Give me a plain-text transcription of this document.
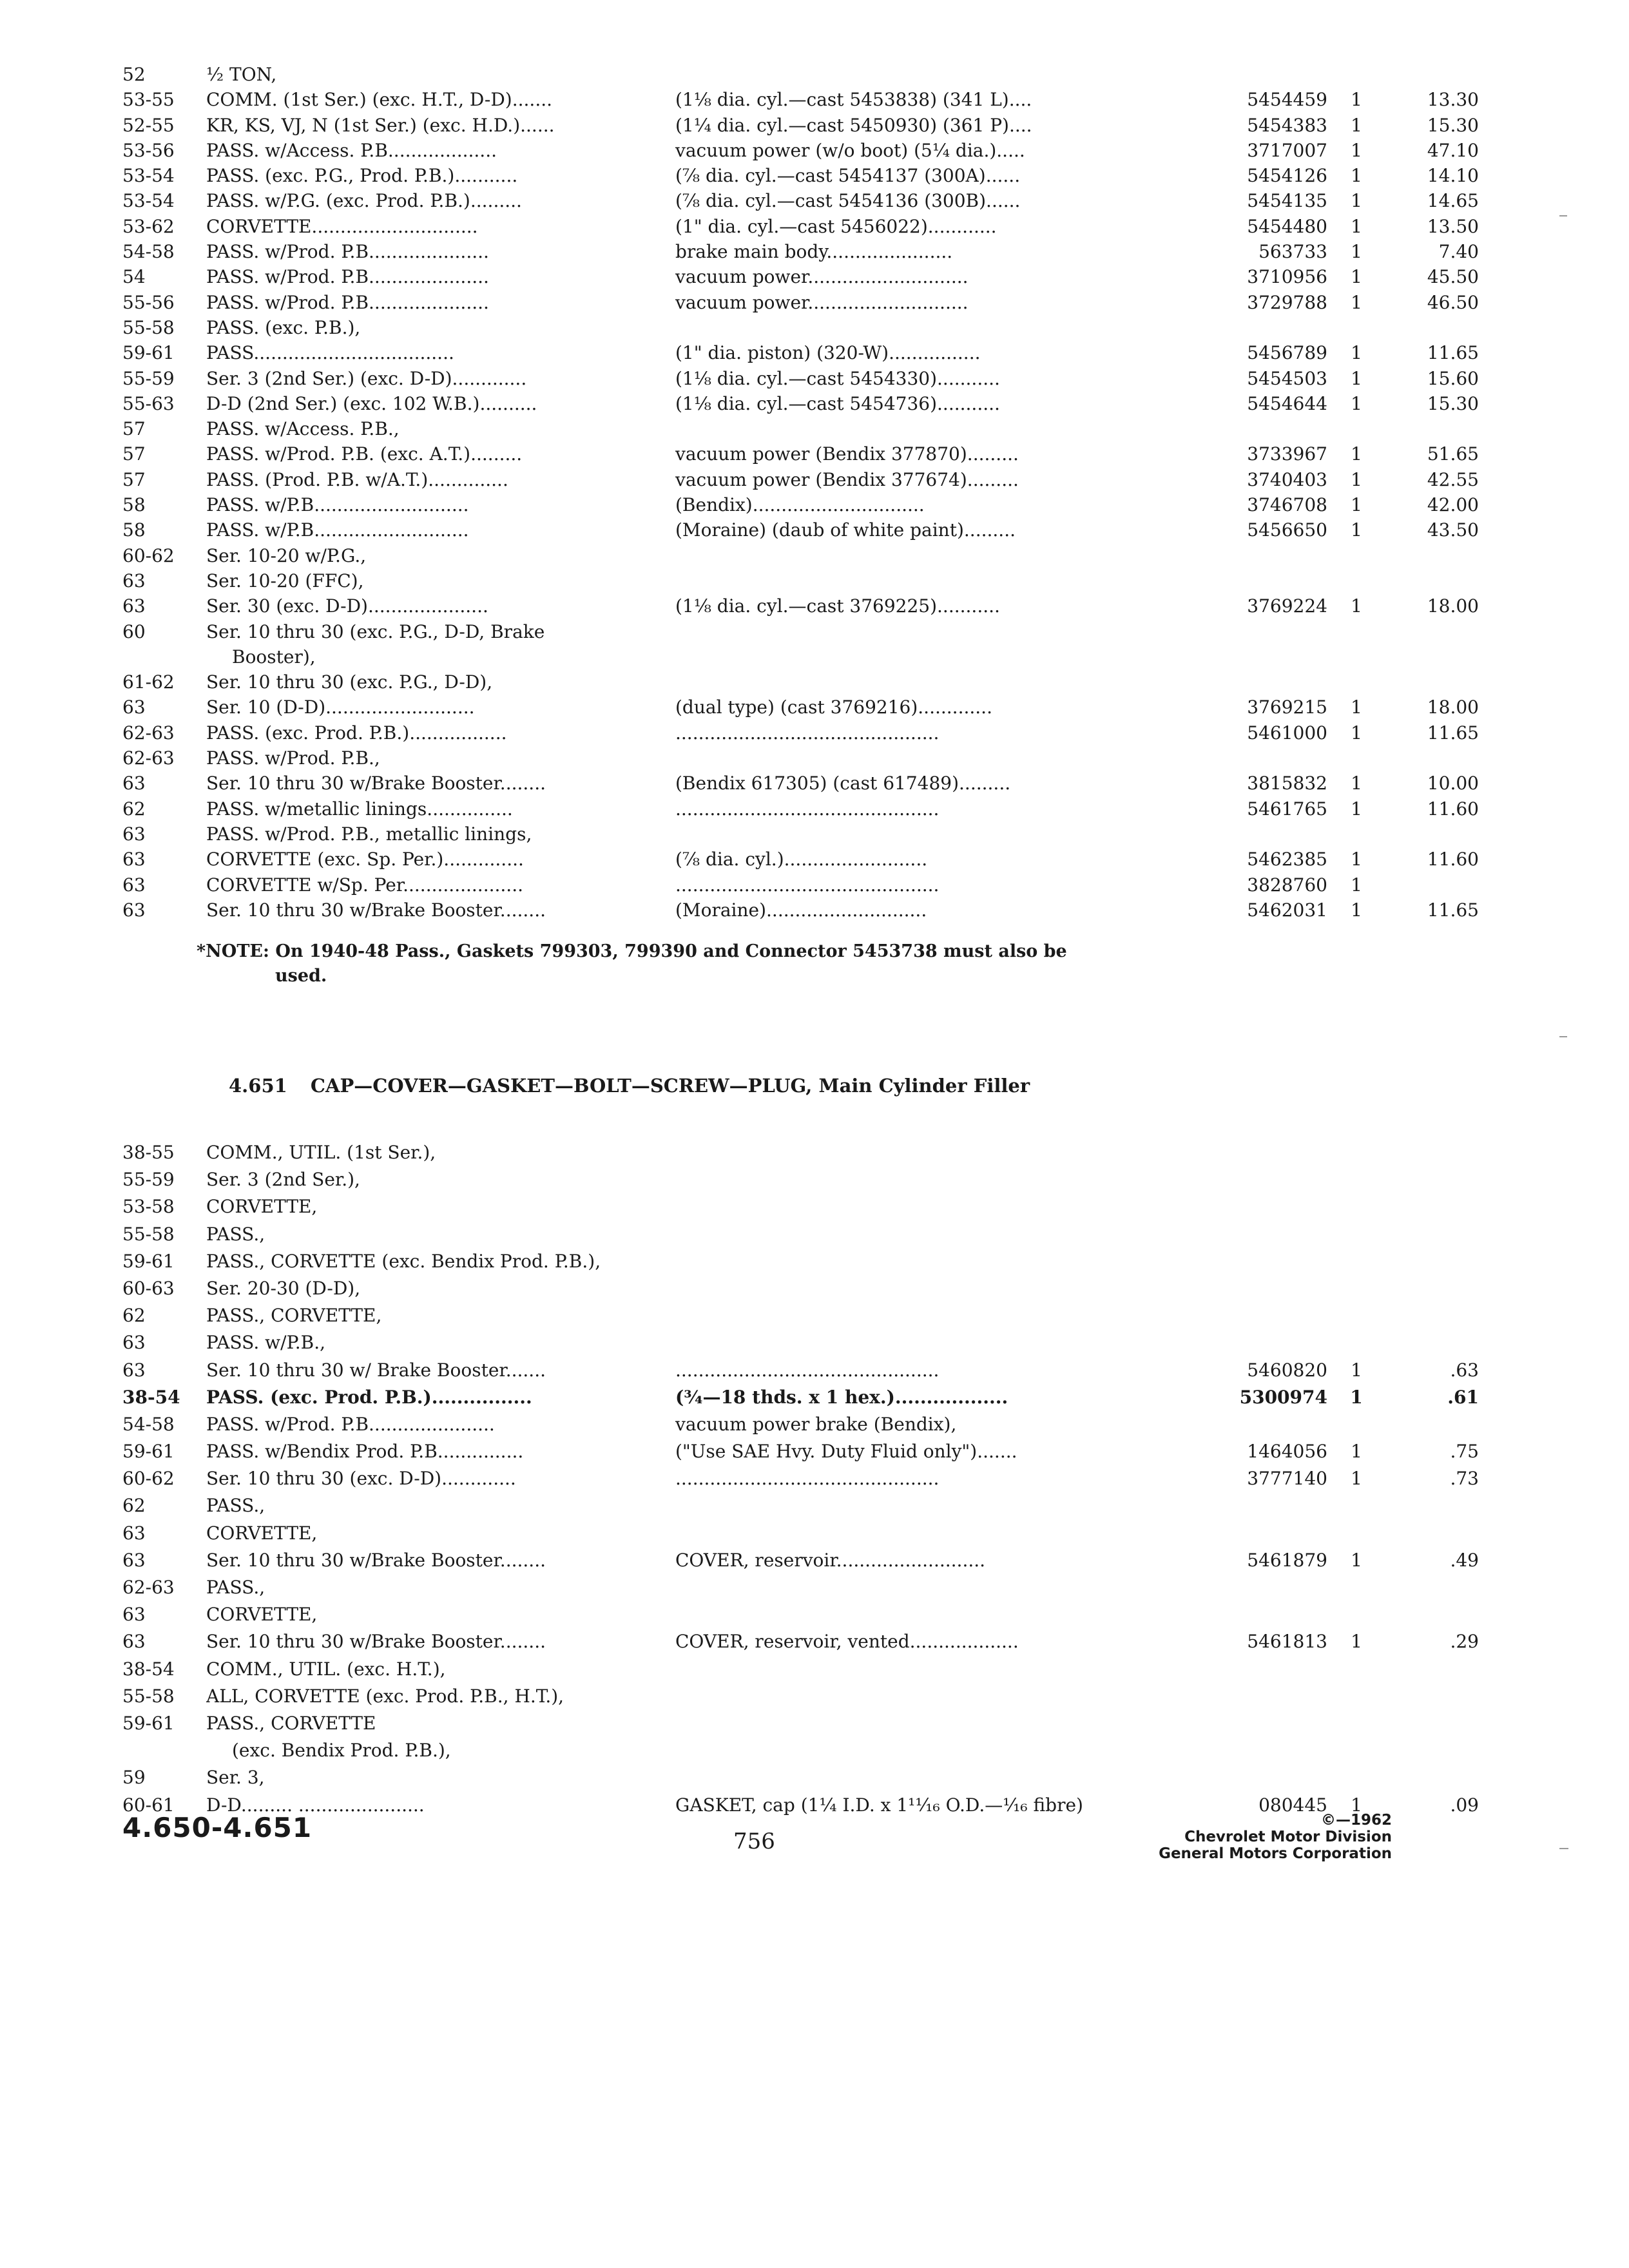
52	½ TON,
53-55	COMM. (1st Ser.) (exc. H.T., D-D).......	(1⅛ dia. cyl.—cast 5453838) (341 L)....	5454459	1	13.30
52-55	KR, KS, VJ, N (1st Ser.) (exc. H.D.)......	(1¼ dia. cyl.—cast 5450930) (361 P)....	5454383	1	15.30
53-56	PASS. w/Access. P.B...................	vacuum power (w/o boot) (5¼ dia.).....	3717007	1	47.10
53-54	PASS. (exc. P.G., Prod. P.B.)...........	(⅞ dia. cyl.—cast 5454137 (300A)......	5454126	1	14.10
53-54	PASS. w/P.G. (exc. Prod. P.B.).........	(⅞ dia. cyl.—cast 5454136 (300B)......	5454135	1	14.65
53-62	CORVETTE.............................	(1" dia. cyl.—cast 5456022)............	5454480	1	13.50
54-58	PASS. w/Prod. P.B.....................	brake main body......................	563733	1	7.40
54	PASS. w/Prod. P.B.....................	vacuum power............................	3710956	1	45.50
55-56	PASS. w/Prod. P.B.....................	vacuum power............................	3729788	1	46.50
55-58	PASS. (exc. P.B.),
59-61	PASS...................................	(1" dia. piston) (320-W)................	5456789	1	11.65
55-59	Ser. 3 (2nd Ser.) (exc. D-D).............	(1⅛ dia. cyl.—cast 5454330)...........	5454503	1	15.60
55-63	D-D (2nd Ser.) (exc. 102 W.B.)..........	(1⅛ dia. cyl.—cast 5454736)...........	5454644	1	15.30
57	PASS. w/Access. P.B.,
57	PASS. w/Prod. P.B. (exc. A.T.).........	vacuum power (Bendix 377870).........	3733967	1	51.65
57	PASS. (Prod. P.B. w/A.T.)..............	vacuum power (Bendix 377674).........	3740403	1	42.55
58	PASS. w/P.B...........................	(Bendix)..............................	3746708	1	42.00
58	PASS. w/P.B...........................	(Moraine) (daub of white paint).........	5456650	1	43.50
60-62	Ser. 10-20 w/P.G.,
63	Ser. 10-20 (FFC),
63	Ser. 30 (exc. D-D).....................	(1⅛ dia. cyl.—cast 3769225)...........	3769224	1	18.00
60	Ser. 10 thru 30 (exc. P.G., D-D, Brake
Booster),
61-62	Ser. 10 thru 30 (exc. P.G., D-D),
63	Ser. 10 (D-D)..........................	(dual type) (cast 3769216).............	3769215	1	18.00
62-63	PASS. (exc. Prod. P.B.).................	..............................................	5461000	1	11.65
62-63	PASS. w/Prod. P.B.,
63	Ser. 10 thru 30 w/Brake Booster........	(Bendix 617305) (cast 617489).........	3815832	1	10.00
62	PASS. w/metallic linings...............	..............................................	5461765	1	11.60
63	PASS. w/Prod. P.B., metallic linings,
63	CORVETTE (exc. Sp. Per.)..............	(⅞ dia. cyl.).........................	5462385	1	11.60
63	CORVETTE w/Sp. Per.....................	..............................................	3828760	1
63	Ser. 10 thru 30 w/Brake Booster........	(Moraine)............................	5462031	1	11.65
*NOTE: On 1940-48 Pass., Gaskets 799303, 799390 and Connector 5453738 must also be
used.
4.651 CAP—COVER—GASKET—BOLT—SCREW—PLUG, Main Cylinder Filler
38-55	COMM., UTIL. (1st Ser.),
55-59	Ser. 3 (2nd Ser.),
53-58	CORVETTE,
55-58	PASS.,
59-61	PASS., CORVETTE (exc. Bendix Prod. P.B.),
60-63	Ser. 20-30 (D-D),
62	PASS., CORVETTE,
63	PASS. w/P.B.,
63	Ser. 10 thru 30 w/ Brake Booster.......	..............................................	5460820	1	.63
38-54	PASS. (exc. Prod. P.B.)................	(¾—18 thds. x 1 hex.)..................	5300974	1	.61
54-58	PASS. w/Prod. P.B......................	vacuum power brake (Bendix),
59-61	PASS. w/Bendix Prod. P.B...............	("Use SAE Hvy. Duty Fluid only").......	1464056	1	.75
60-62	Ser. 10 thru 30 (exc. D-D).............	..............................................	3777140	1	.73
62	PASS.,
63	CORVETTE,
63	Ser. 10 thru 30 w/Brake Booster........	COVER, reservoir..........................	5461879	1	.49
62-63	PASS.,
63	CORVETTE,
63	Ser. 10 thru 30 w/Brake Booster........	COVER, reservoir, vented...................	5461813	1	.29
38-54	COMM., UTIL. (exc. H.T.),
55-58	ALL, CORVETTE (exc. Prod. P.B., H.T.),
59-61	PASS., CORVETTE
(exc. Bendix Prod. P.B.),
59	Ser. 3,
60-61	D-D......... ......................	GASKET, cap (1¼ I.D. x 1¹¹⁄₁₆ O.D.—¹⁄₁₆ fibre)	080445	1	.09
4.650-4.651	756
©—1962
Chevrolet Motor Division
General Motors Corporation
